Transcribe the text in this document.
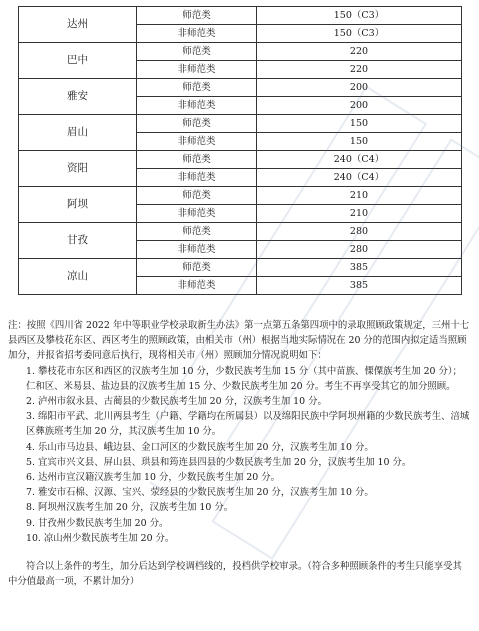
达州	师范类	150（C3）
	非师范类	150（C3）
巴中	师范类	220
	非师范类	220
雅安	师范类	200
	非师范类	200
眉山	师范类	150
	非师范类	150
资阳	师范类	240（C4）
	非师范类	240（C4）
阿坝	师范类	210
	非师范类	210
甘孜	师范类	280
	非师范类	280
凉山	师范类	385
	非师范类	385

注：按照《四川省 2022 年中等职业学校录取新生办法》第一点第五条第四项中的录取照顾政策规定，三州十七县西区及攀枝花东区、西区考生的照顾政策，由相关市（州）根据当地实际情况在 20 分的范围内拟定适当照顾加分，并报省招考委同意后执行，现将相关市（州）照顾加分情况说明如下：

1. 攀枝花市东区和西区的汉族考生加 10 分，少数民族考生加 15 分（其中苗族、傈僳族考生加 20 分）；仁和区、米易县、盐边县的汉族考生加 15 分、少数民族考生加 20 分。考生不再享受其它的加分照顾。

2. 泸州市叙永县、古蔺县的少数民族考生加 20 分，汉族考生加 10 分。

3. 绵阳市平武、北川两县考生（户籍、学籍均在所属县）以及绵阳民族中学阿坝州籍的少数民族考生、涪城区彝族班考生加 20 分，其汉族考生加 10 分。

4. 乐山市马边县、峨边县、金口河区的少数民族考生加 20 分，汉族考生加 10 分。

5. 宜宾市兴文县、屏山县、珙县和筠连县四县的少数民族考生加 20 分，汉族考生加 10 分。

6. 达州市宣汉籍汉族考生加 10 分，少数民族考生加 20 分。

7. 雅安市石棉、汉源、宝兴、荥经县的少数民族考生加 20 分，汉族考生加 10 分。

8. 阿坝州汉族考生加 20 分，汉族考生加 10 分。

9. 甘孜州少数民族考生加 20 分。

10. 凉山州少数民族考生加 20 分。

符合以上条件的考生，加分后达到学校调档线的，投档供学校审录。（符合多种照顾条件的考生只能享受其中分值最高一项，不累计加分）
